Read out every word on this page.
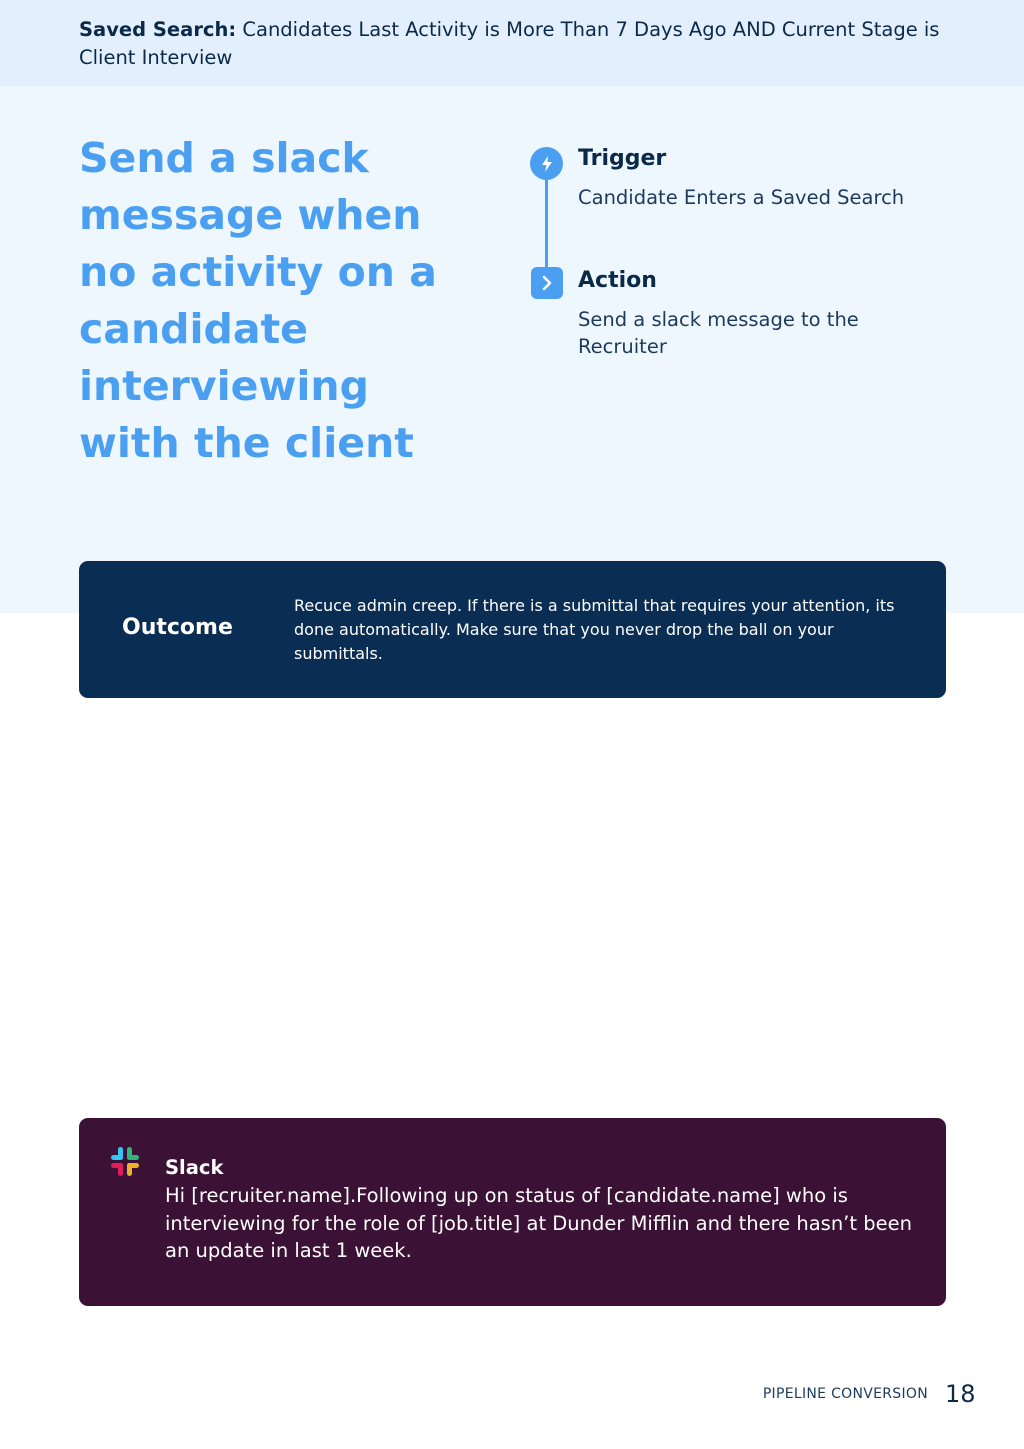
Saved Search: Candidates Last Activity is More Than 7 Days Ago AND Current Stage is Client Interview
Send a slack message when no activity on a candidate interviewing with the client
Trigger
Candidate Enters a Saved Search
Action
Send a slack message to the Recruiter
Outcome
Recuce admin creep. If there is a submittal that requires your attention, its done automatically. Make sure that you never drop the ball on your submittals.
Slack
Hi [recruiter.name].Following up on status of [candidate.name] who is interviewing for the role of [job.title] at Dunder Mifflin and there hasn’t been an update in last 1 week.
PIPELINE CONVERSION 18
